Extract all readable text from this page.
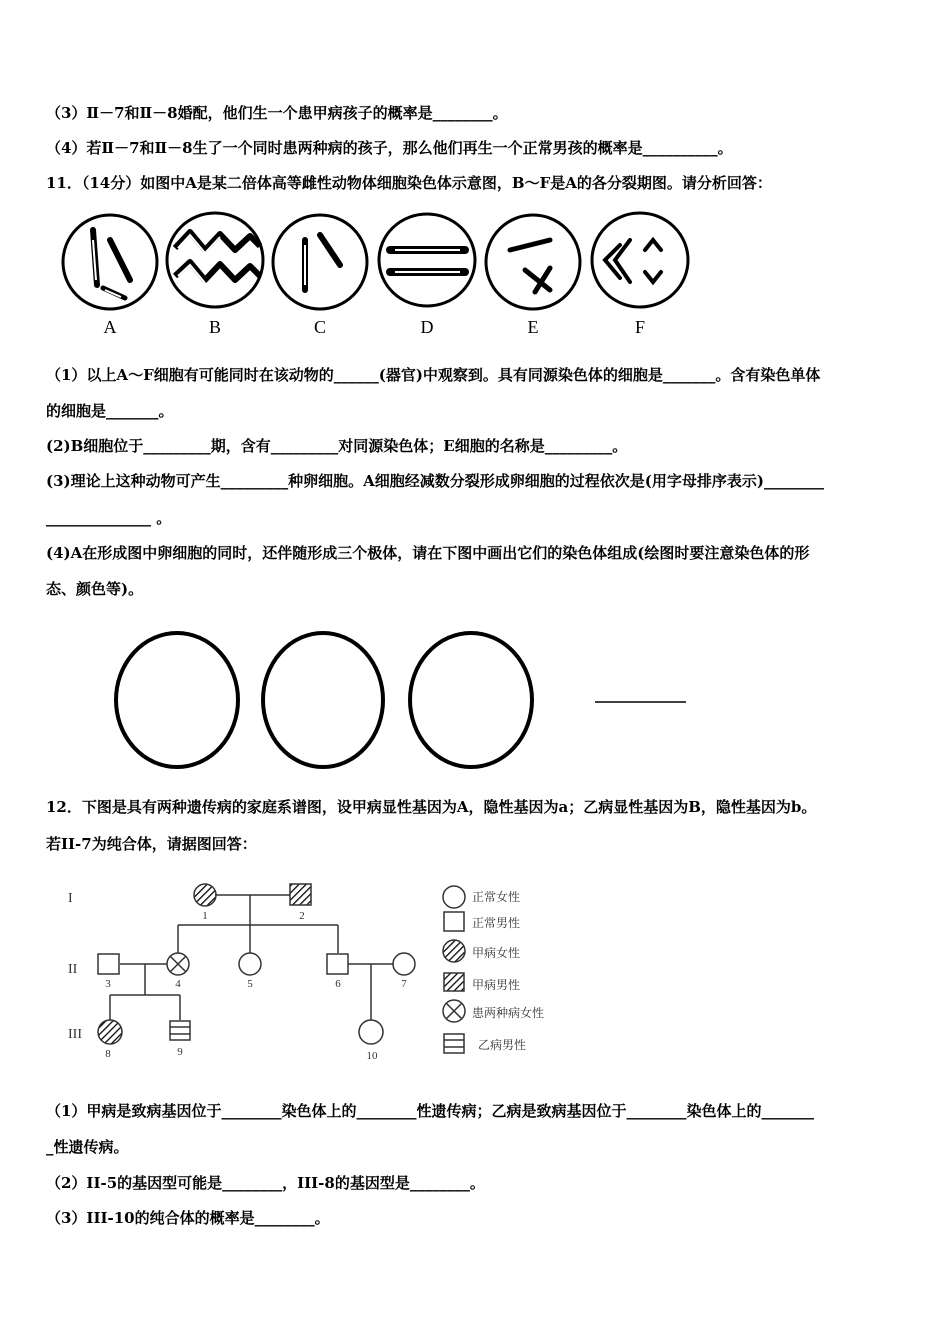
（3）Ⅱ－7和Ⅱ－8婚配，他们生一个患甲病孩子的概率是________。
（4）若Ⅱ－7和Ⅱ－8生了一个同时患两种病的孩子，那么他们再生一个正常男孩的概率是__________。
11．（14分）如图中A是某二倍体高等雌性动物体细胞染色体示意图，B～F是A的各分裂期图。请分析回答：
A	B	C	D	E	F
（1）以上A～F细胞有可能同时在该动物的______(器官)中观察到。具有同源染色体的细胞是_______。含有染色单体
的细胞是_______。
(2)B细胞位于_________期，含有_________对同源染色体；E细胞的名称是_________。
(3)理论上这种动物可产生_________种卵细胞。A细胞经减数分裂形成卵细胞的过程依次是(用字母排序表示)________
______________ 。
(4)A在形成图中卵细胞的同时，还伴随形成三个极体，请在下图中画出它们的染色体组成(绘图时要注意染色体的形
态、颜色等)。
12．下图是具有两种遗传病的家庭系谱图，设甲病显性基因为A，隐性基因为a；乙病显性基因为B，隐性基因为b。
若II-7为纯合体，请据图回答：
I
II
III
1	2
3	4	5	6	7
8	9	10
正常女性
正常男性
甲病女性
甲病男性
患两种病女性
乙病男性
（1）甲病是致病基因位于________染色体上的________性遗传病；乙病是致病基因位于________染色体上的_______
_性遗传病。
（2）II-5的基因型可能是________，III-8的基因型是________。
（3）III-10的纯合体的概率是________。
